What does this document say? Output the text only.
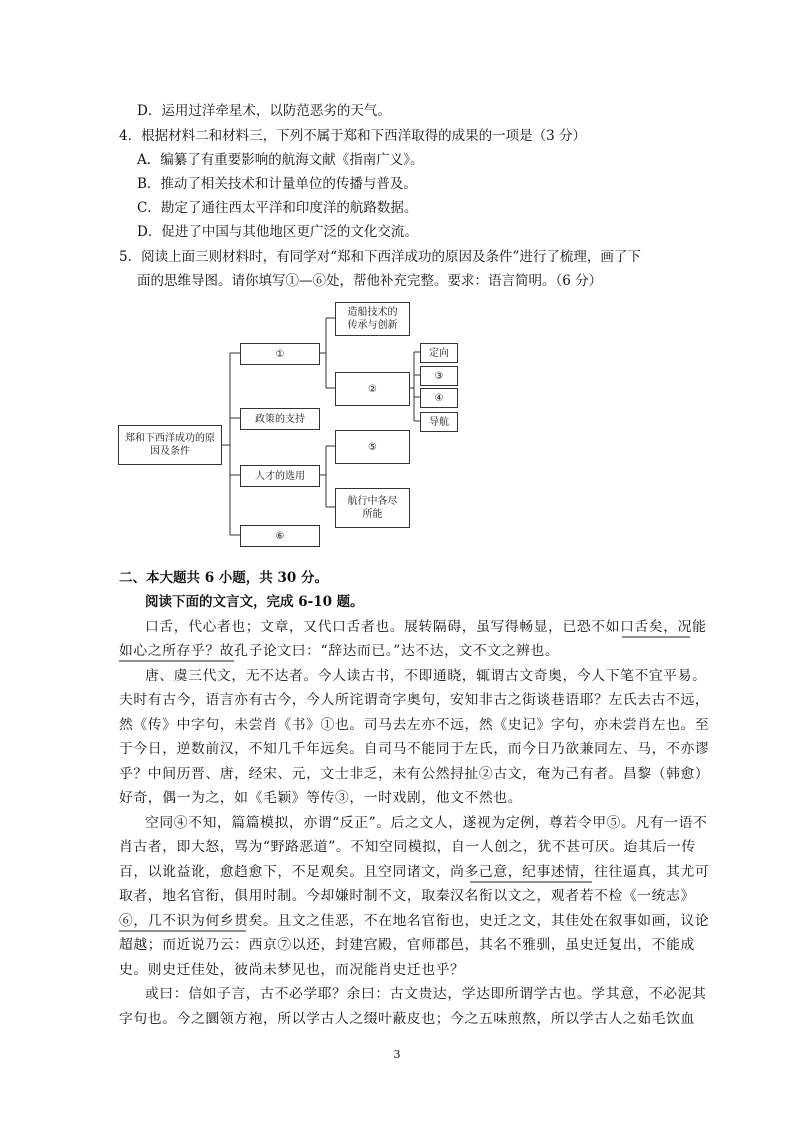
D．运用过洋牵星术，以防范恶劣的天气。
4．根据材料二和材料三，下列不属于郑和下西洋取得的成果的一项是（3 分）
A．编纂了有重要影响的航海文献《指南广义》。
B．推动了相关技术和计量单位的传播与普及。
C．勘定了通往西太平洋和印度洋的航路数据。
D．促进了中国与其他地区更广泛的文化交流。
5．阅读上面三则材料时，有同学对“郑和下西洋成功的原因及条件”进行了梳理，画了下
面的思维导图。请你填写①—⑥处，帮他补充完整。要求：语言简明。（6 分）
郑和下西洋成功的原因及条件
①
造船技术的传承与创新
②
定向
③
④
导航
政策的支持
人才的选用
⑤
航行中各尽所能
⑥
二、本大题共 6 小题，共 30 分。
阅读下面的文言文，完成 6-10 题。
口舌，代心者也；文章，又代口舌者也。展转隔碍，虽写得畅显，已恐不如口舌矣，况能
如心之所存乎？故孔子论文曰：“辞达而已。”达不达，文不文之辨也。
唐、虞三代文，无不达者。今人读古书，不即通晓，辄谓古文奇奥，今人下笔不宜平易。
夫时有古今，语言亦有古今，今人所诧谓奇字奥句，安知非古之街谈巷语耶？左氏去古不远，
然《传》中字句，未尝肖《书》①也。司马去左亦不远，然《史记》字句，亦未尝肖左也。至
于今日，逆数前汉，不知几千年远矣。自司马不能同于左氏，而今日乃欲兼同左、马，不亦谬
乎？中间历晋、唐，经宋、元，文士非乏，未有公然挦扯②古文，奄为己有者。昌黎（韩愈）
好奇，偶一为之，如《毛颖》等传③，一时戏剧，他文不然也。
空同④不知，篇篇模拟，亦谓“反正”。后之文人，遂视为定例，尊若令甲⑤。凡有一语不
肖古者，即大怒，骂为“野路恶道”。不知空同模拟，自一人创之，犹不甚可厌。迨其后一传
百，以讹益讹，愈趋愈下，不足观矣。且空同诸文，尚多己意，纪事述情，往往逼真，其尤可
取者，地名官衔，俱用时制。今却嫌时制不文，取秦汉名衔以文之，观者若不检《一统志》
⑥，几不识为何乡贯矣。且文之佳恶，不在地名官衔也，史迁之文，其佳处在叙事如画，议论
超越；而近说乃云：西京⑦以还，封建宫殿，官师郡邑，其名不雅驯，虽史迁复出，不能成
史。则史迁佳处，彼尚未梦见也，而况能肖史迁也乎？
或曰：信如子言，古不必学耶？余曰：古文贵达，学达即所谓学古也。学其意，不必泥其
字句也。今之圜领方袍，所以学古人之缀叶蔽皮也；今之五味煎熬，所以学古人之茹毛饮血
3
